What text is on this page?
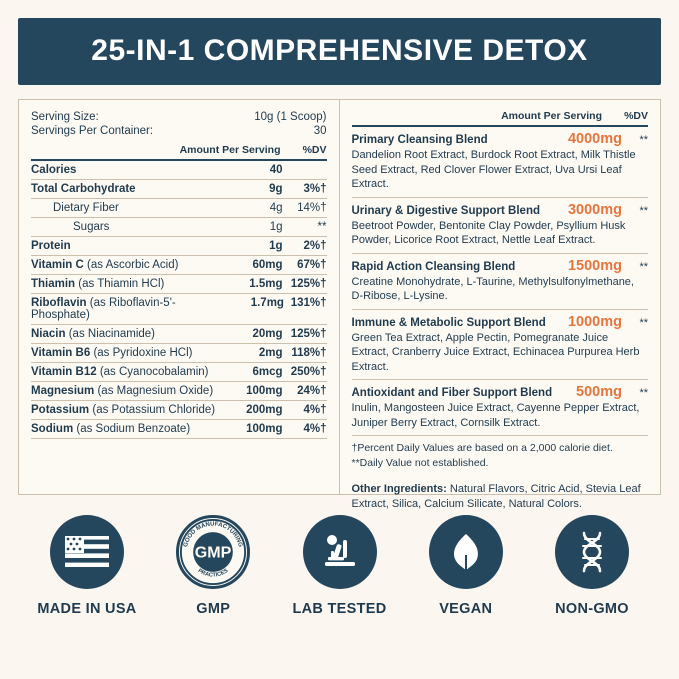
25-IN-1 COMPREHENSIVE DETOX
Serving Size:	10g (1 Scoop)
Servings Per Container:	30
Amount Per Serving	%DV
Calories	40
Total Carbohydrate	9g	3%†
Dietary Fiber	4g	14%†
Sugars	1g	**
Protein	1g	2%†
Vitamin C (as Ascorbic Acid)	60mg	67%†
Thiamin (as Thiamin HCl)	1.5mg 125%†
Riboflavin (as Riboflavin-5'-Phosphate)
1.7mg 131%†
Niacin (as Niacinamide)	20mg 125%†
Vitamin B6 (as Pyridoxine HCl)	2mg 118%†
Vitamin B12 (as Cyanocobalamin)	6mcg 250%†
Magnesium (as Magnesium Oxide)	100mg	24%†
Potassium (as Potassium Chloride)	200mg	4%†
Sodium (as Sodium Benzoate)	100mg	4%†
Amount Per Serving	%DV
Primary Cleansing Blend	4000mg	**
Dandelion Root Extract, Burdock Root Extract, Milk Thistle Seed Extract, Red Clover Flower Extract, Uva Ursi Leaf Extract.
Urinary & Digestive Support Blend	3000mg	**
Beetroot Powder, Bentonite Clay Powder, Psyllium Husk Powder, Licorice Root Extract, Nettle Leaf Extract.
Rapid Action Cleansing Blend	1500mg	**
Creatine Monohydrate, L-Taurine, Methylsulfonylmethane, D-Ribose, L-Lysine.
Immune & Metabolic Support Blend	1000mg	**
Green Tea Extract, Apple Pectin, Pomegranate Juice Extract, Cranberry Juice Extract, Echinacea Purpurea Herb Extract.
Antioxidant and Fiber Support Blend	500mg	**
Inulin, Mangosteen Juice Extract, Cayenne Pepper Extract, Juniper Berry Extract, Cornsilk Extract.
†Percent Daily Values are based on a 2,000 calorie diet.
**Daily Value not established.
Other Ingredients: Natural Flavors, Citric Acid, Stevia Leaf Extract, Silica, Calcium Silicate, Natural Colors.
MADE IN USA
GMP
GOOD MANUFACTURING
PRACTICES
GMP	LAB TESTED	VEGAN	NON-GMO
